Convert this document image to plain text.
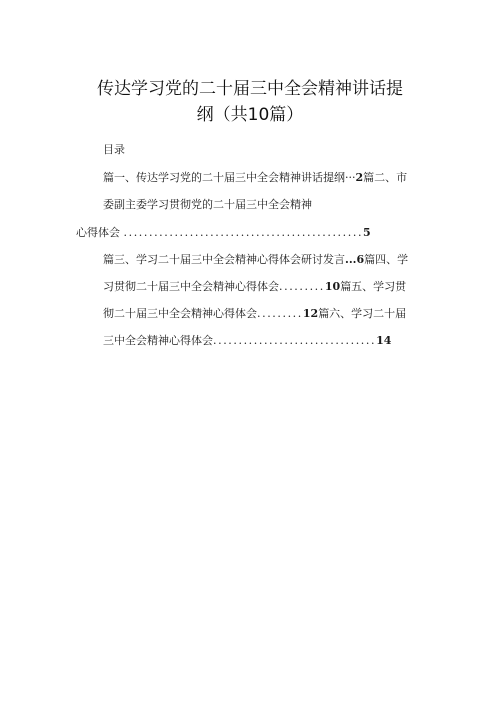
传达学习党的二十届三中全会精神讲话提
纲（共10篇）
目录
篇一、传达学习党的二十届三中全会精神讲话提纲···2篇二、市
委副主委学习贯彻党的二十届三中全会精神
心得体会 ...............................................5
篇三、学习二十届三中全会精神心得体会研讨发言...6篇四、学
习贯彻二十届三中全会精神心得体会.........10篇五、学习贯
彻二十届三中全会精神心得体会.........12篇六、学习二十届
三中全会精神心得体会................................14
